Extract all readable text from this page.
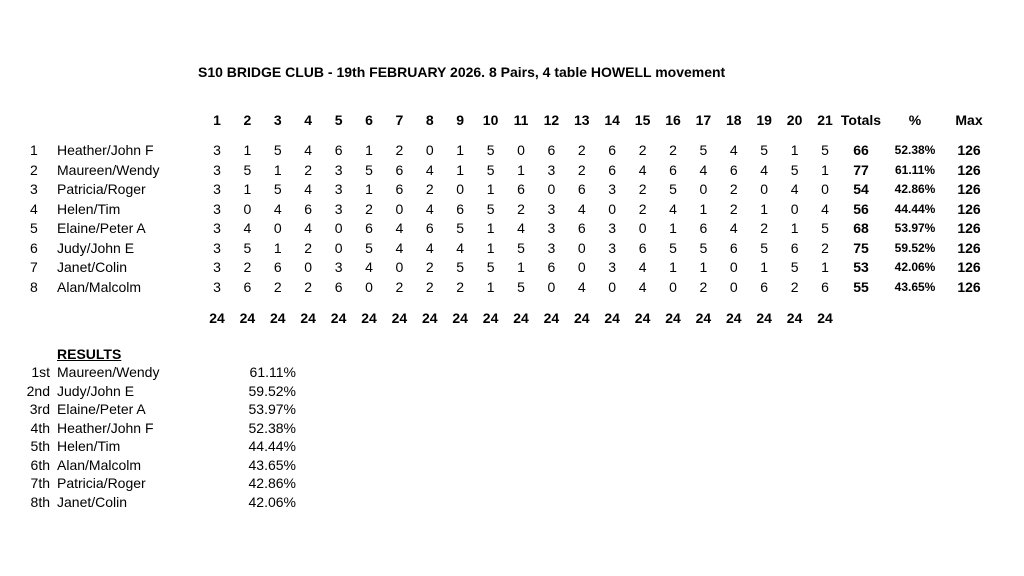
S10 BRIDGE CLUB - 19th FEBRUARY 2026. 8 Pairs, 4 table HOWELL movement
1 2 3 4 5 6 7 8 9 10 11 12 13 14 15 16 17 18 19 20 21 Totals % Max
1 Heather/John F	3 1 5 4 6 1 2 0 1 5 0 6 2 6 2 2 5 4 5 1 5 66 52.38% 126
2 Maureen/Wendy	3 5 1 2 3 5 6 4 1 5 1 3 2 6 4 6 4 6 4 5 1 77 61.11% 126
3 Patricia/Roger	3 1 5 4 3 1 6 2 0 1 6 0 6 3 2 5 0 2 0 4 0 54 42.86% 126
4 Helen/Tim	3 0 4 6 3 2 0 4 6 5 2 3 4 0 2 4 1 2 1 0 4 56 44.44% 126
5 Elaine/Peter A	3 4 0 4 0 6 4 6 5 1 4 3 6 3 0 1 6 4 2 1 5 68 53.97% 126
6 Judy/John E	3 5 1 2 0 5 4 4 4 1 5 3 0 3 6 5 5 6 5 6 2 75 59.52% 126
7 Janet/Colin	3 2 6 0 3 4 0 2 5 5 1 6 0 3 4 1 1 0 1 5 1 53 42.06% 126
8 Alan/Malcolm	3 6 2 2 6 0 2 2 2 1 5 0 4 0 4 0 2 0 6 2 6 55 43.65% 126
24 24 24 24 24 24 24 24 24 24 24 24 24 24 24 24 24 24 24 24 24
RESULTS
1st Maureen/Wendy	61.11%
2nd Judy/John E	59.52%
3rd Elaine/Peter A	53.97%
4th Heather/John F	52.38%
5th Helen/Tim	44.44%
6th Alan/Malcolm	43.65%
7th Patricia/Roger	42.86%
8th Janet/Colin	42.06%
